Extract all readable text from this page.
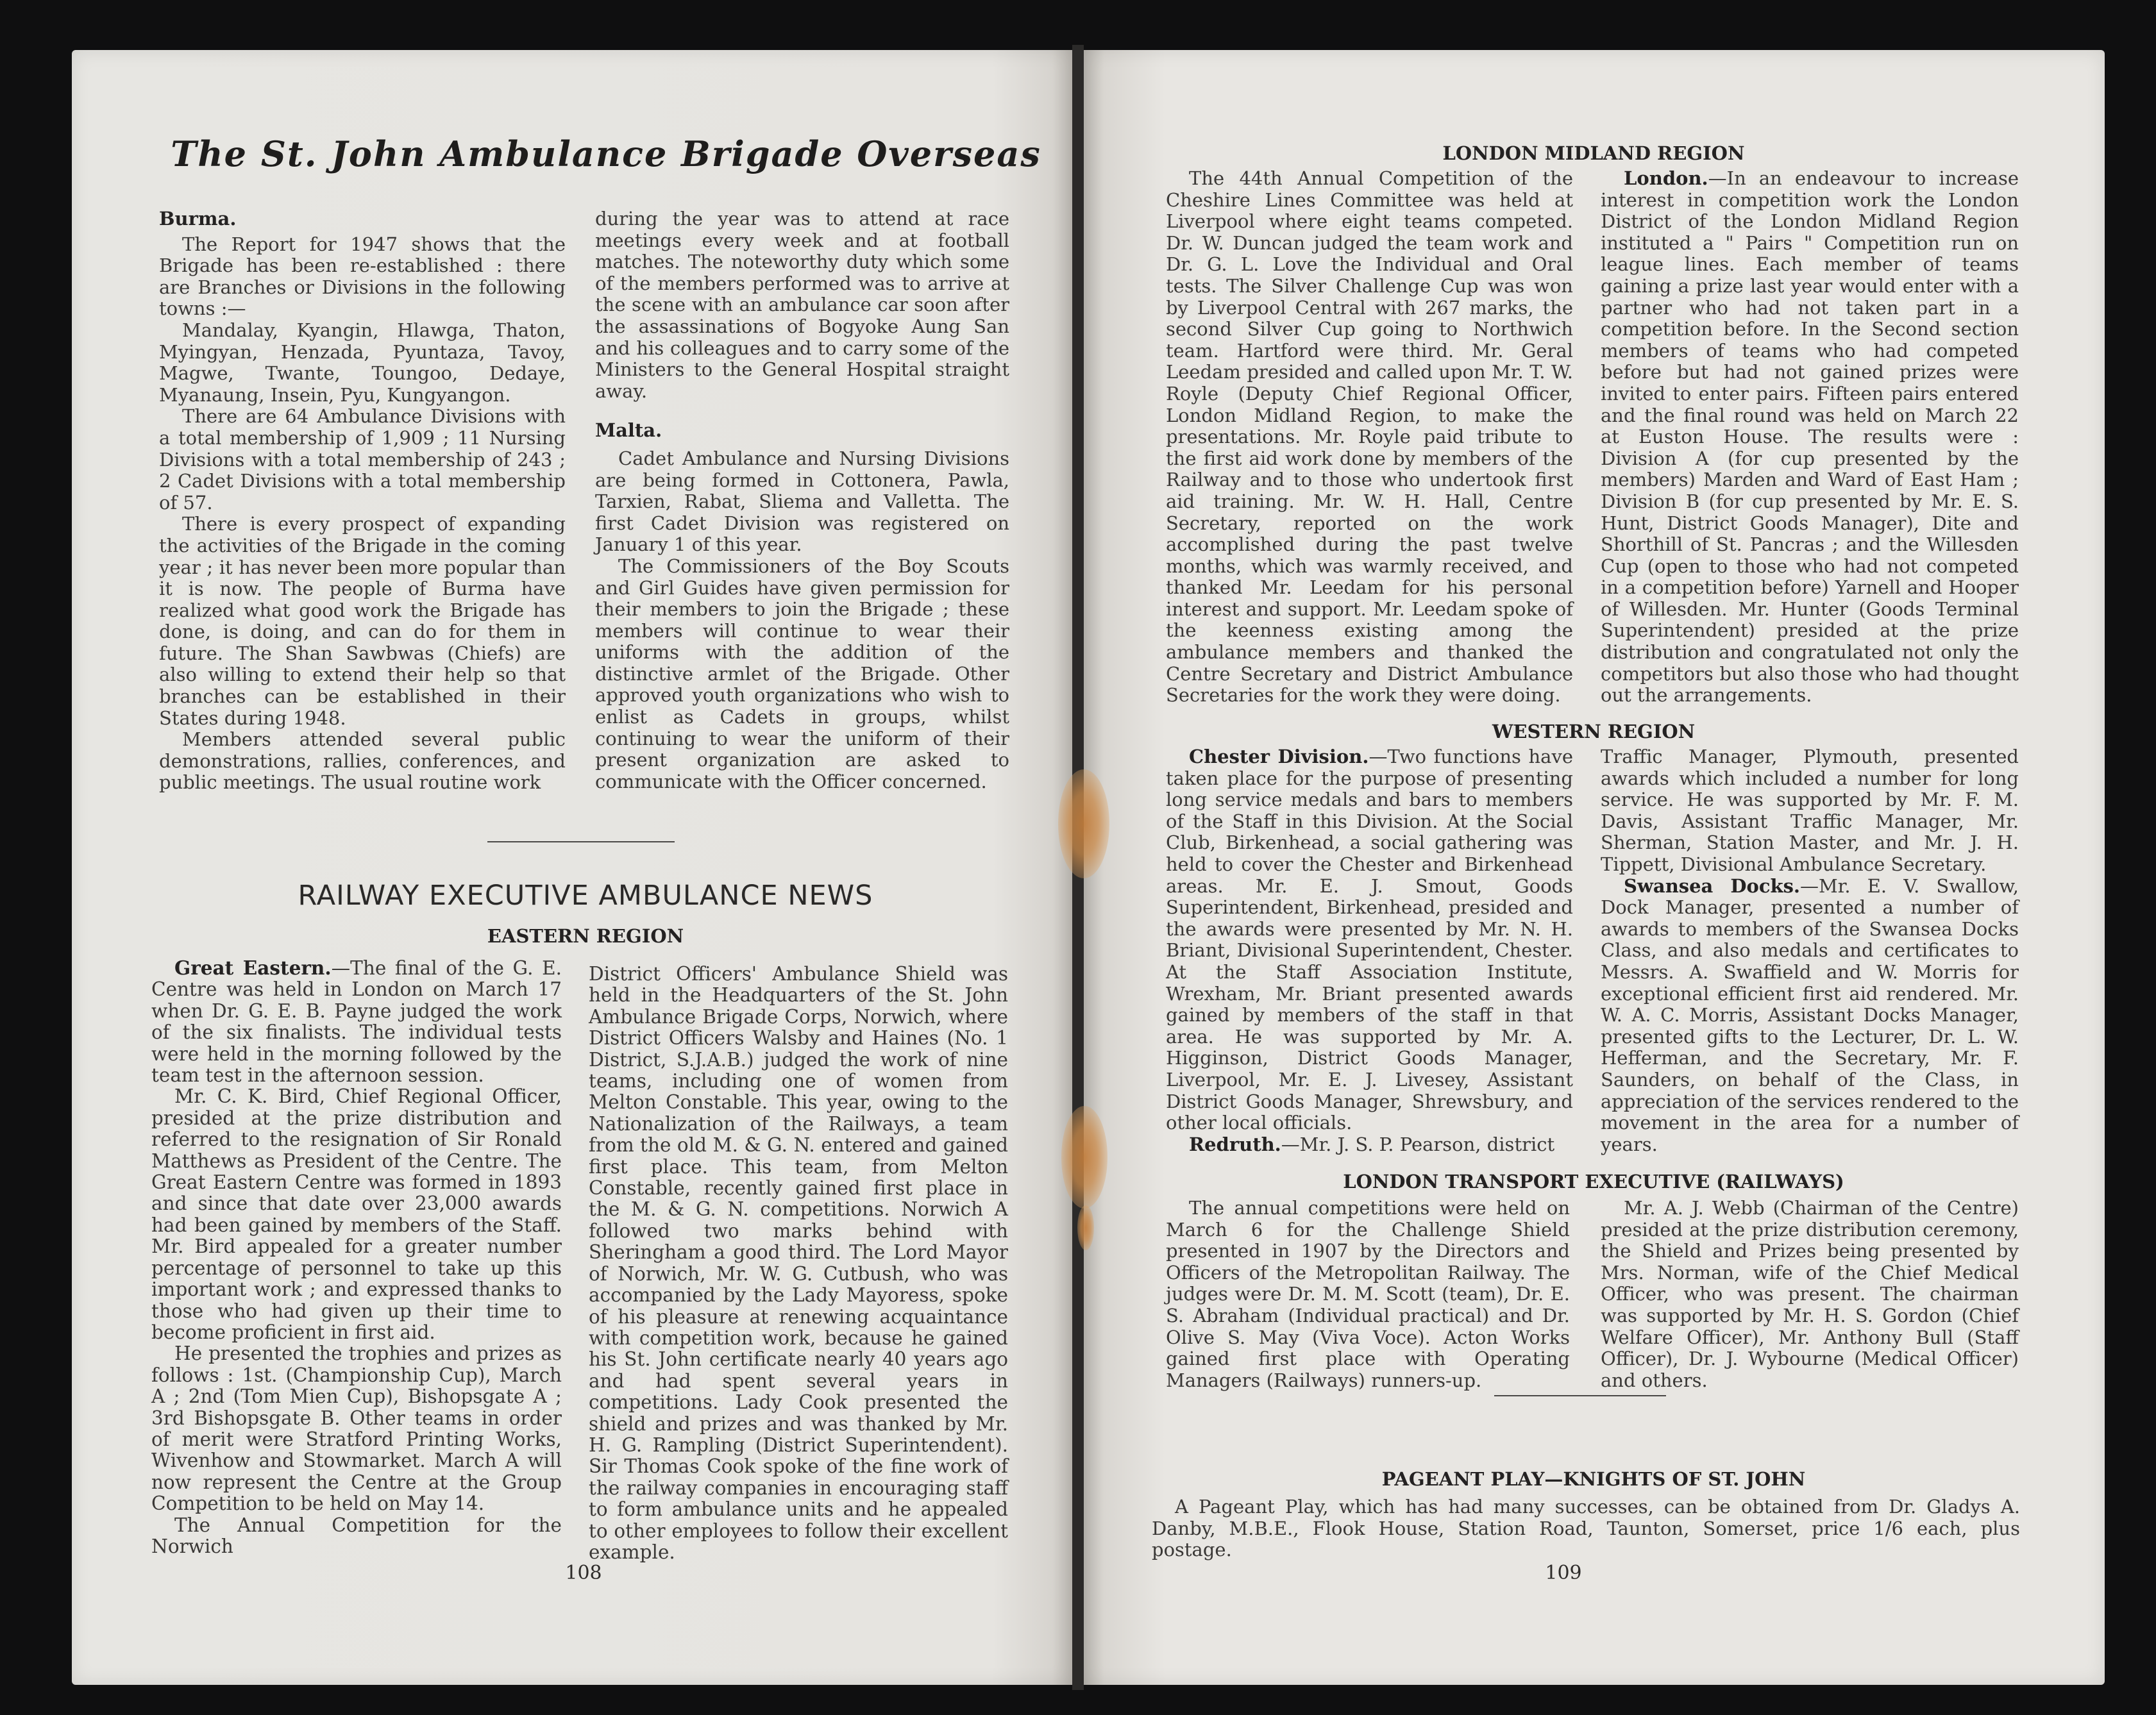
The St. John Ambulance Brigade Overseas

Burma.

The Report for 1947 shows that the Brigade has been re-established : there are Branches or Divisions in the following towns :—

Mandalay, Kyangin, Hlawga, Thaton, Myingyan, Henzada, Pyuntaza, Tavoy, Magwe, Twante, Toungoo, Dedaye, Myanaung, Insein, Pyu, Kungyangon.

There are 64 Ambulance Divisions with a total membership of 1,909 ; 11 Nursing Divisions with a total membership of 243 ; 2 Cadet Divisions with a total membership of 57.

There is every prospect of expanding the activities of the Brigade in the coming year ; it has never been more popular than it is now. The people of Burma have realized what good work the Brigade has done, is doing, and can do for them in future. The Shan Sawbwas (Chiefs) are also willing to extend their help so that branches can be established in their States during 1948.

Members attended several public demonstrations, rallies, conferences, and public meetings. The usual routine work

during the year was to attend at race meetings every week and at football matches. The noteworthy duty which some of the members performed was to arrive at the scene with an ambulance car soon after the assassinations of Bogyoke Aung San and his colleagues and to carry some of the Ministers to the General Hospital straight away.

Malta.

Cadet Ambulance and Nursing Divisions are being formed in Cottonera, Pawla, Tarxien, Rabat, Sliema and Valletta. The first Cadet Division was registered on January 1 of this year.

The Commissioners of the Boy Scouts and Girl Guides have given permission for their members to join the Brigade ; these members will continue to wear their uniforms with the addition of the distinctive armlet of the Brigade. Other approved youth organizations who wish to enlist as Cadets in groups, whilst continuing to wear the uniform of their present organization are asked to communicate with the Officer concerned.

RAILWAY EXECUTIVE AMBULANCE NEWS
EASTERN REGION

Great Eastern.—The final of the G. E. Centre was held in London on March 17 when Dr. G. E. B. Payne judged the work of the six finalists. The individual tests were held in the morning followed by the team test in the afternoon session.

Mr. C. K. Bird, Chief Regional Officer, presided at the prize distribution and referred to the resignation of Sir Ronald Matthews as President of the Centre. The Great Eastern Centre was formed in 1893 and since that date over 23,000 awards had been gained by members of the Staff. Mr. Bird appealed for a greater number percentage of personnel to take up this important work ; and expressed thanks to those who had given up their time to become proficient in first aid.

He presented the trophies and prizes as follows : 1st. (Championship Cup), March A ; 2nd (Tom Mien Cup), Bishopsgate A ; 3rd Bishopsgate B. Other teams in order of merit were Stratford Printing Works, Wivenhow and Stowmarket. March A will now represent the Centre at the Group Competition to be held on May 14.

The Annual Competition for the Norwich

District Officers' Ambulance Shield was held in the Headquarters of the St. John Ambulance Brigade Corps, Norwich, where District Officers Walsby and Haines (No. 1 District, S.J.A.B.) judged the work of nine teams, including one of women from Melton Constable. This year, owing to the Nationalization of the Railways, a team from the old M. & G. N. entered and gained first place. This team, from Melton Constable, recently gained first place in the M. & G. N. competitions. Norwich A followed two marks behind with Sheringham a good third. The Lord Mayor of Norwich, Mr. W. G. Cutbush, who was accompanied by the Lady Mayoress, spoke of his pleasure at renewing acquaintance with competition work, because he gained his St. John certificate nearly 40 years ago and had spent several years in competitions. Lady Cook presented the shield and prizes and was thanked by Mr. H. G. Rampling (District Superintendent). Sir Thomas Cook spoke of the fine work of the railway companies in encouraging staff to form ambulance units and he appealed to other employees to follow their excellent example.

108
LONDON MIDLAND REGION

The 44th Annual Competition of the Cheshire Lines Committee was held at Liverpool where eight teams competed. Dr. W. Duncan judged the team work and Dr. G. L. Love the Individual and Oral tests. The Silver Challenge Cup was won by Liverpool Central with 267 marks, the second Silver Cup going to Northwich team. Hartford were third. Mr. Geral Leedam presided and called upon Mr. T. W. Royle (Deputy Chief Regional Officer, London Midland Region, to make the presentations. Mr. Royle paid tribute to the first aid work done by members of the Railway and to those who undertook first aid training. Mr. W. H. Hall, Centre Secretary, reported on the work accomplished during the past twelve months, which was warmly received, and thanked Mr. Leedam for his personal interest and support. Mr. Leedam spoke of the keenness existing among the ambulance members and thanked the Centre Secretary and District Ambulance Secretaries for the work they were doing.

London.—In an endeavour to increase interest in competition work the London District of the London Midland Region instituted a " Pairs " Competition run on league lines. Each member of teams gaining a prize last year would enter with a partner who had not taken part in a competition before. In the Second section members of teams who had competed before but had not gained prizes were invited to enter pairs. Fifteen pairs entered and the final round was held on March 22 at Euston House. The results were : Division A (for cup presented by the members) Marden and Ward of East Ham ; Division B (for cup presented by Mr. E. S. Hunt, District Goods Manager), Dite and Shorthill of St. Pancras ; and the Willesden Cup (open to those who had not competed in a competition before) Yarnell and Hooper of Willesden. Mr. Hunter (Goods Terminal Superintendent) presided at the prize distribution and congratulated not only the competitors but also those who had thought out the arrangements.

WESTERN REGION

Chester Division.—Two functions have taken place for the purpose of presenting long service medals and bars to members of the Staff in this Division. At the Social Club, Birkenhead, a social gathering was held to cover the Chester and Birkenhead areas. Mr. E. J. Smout, Goods Superintendent, Birkenhead, presided and the awards were presented by Mr. N. H. Briant, Divisional Superintendent, Chester. At the Staff Association Institute, Wrexham, Mr. Briant presented awards gained by members of the staff in that area. He was supported by Mr. A. Higginson, District Goods Manager, Liverpool, Mr. E. J. Livesey, Assistant District Goods Manager, Shrewsbury, and other local officials.

Redruth.—Mr. J. S. P. Pearson, district

Traffic Manager, Plymouth, presented awards which included a number for long service. He was supported by Mr. F. M. Davis, Assistant Traffic Manager, Mr. Sherman, Station Master, and Mr. J. H. Tippett, Divisional Ambulance Secretary.

Swansea Docks.—Mr. E. V. Swallow, Dock Manager, presented a number of awards to members of the Swansea Docks Class, and also medals and certificates to Messrs. A. Swaffield and W. Morris for exceptional efficient first aid rendered. Mr. W. A. C. Morris, Assistant Docks Manager, presented gifts to the Lecturer, Dr. L. W. Hefferman, and the Secretary, Mr. F. Saunders, on behalf of the Class, in appreciation of the services rendered to the movement in the area for a number of years.

LONDON TRANSPORT EXECUTIVE (RAILWAYS)

The annual competitions were held on March 6 for the Challenge Shield presented in 1907 by the Directors and Officers of the Metropolitan Railway. The judges were Dr. M. M. Scott (team), Dr. E. S. Abraham (Individual practical) and Dr. Olive S. May (Viva Voce). Acton Works gained first place with Operating Managers (Railways) runners-up.

Mr. A. J. Webb (Chairman of the Centre) presided at the prize distribution ceremony, the Shield and Prizes being presented by Mrs. Norman, wife of the Chief Medical Officer, who was present. The chairman was supported by Mr. H. S. Gordon (Chief Welfare Officer), Mr. Anthony Bull (Staff Officer), Dr. J. Wybourne (Medical Officer) and others.

PAGEANT PLAY—KNIGHTS OF ST. JOHN

A Pageant Play, which has had many successes, can be obtained from Dr. Gladys A. Danby, M.B.E., Flook House, Station Road, Taunton, Somerset, price 1/6 each, plus postage.

109
